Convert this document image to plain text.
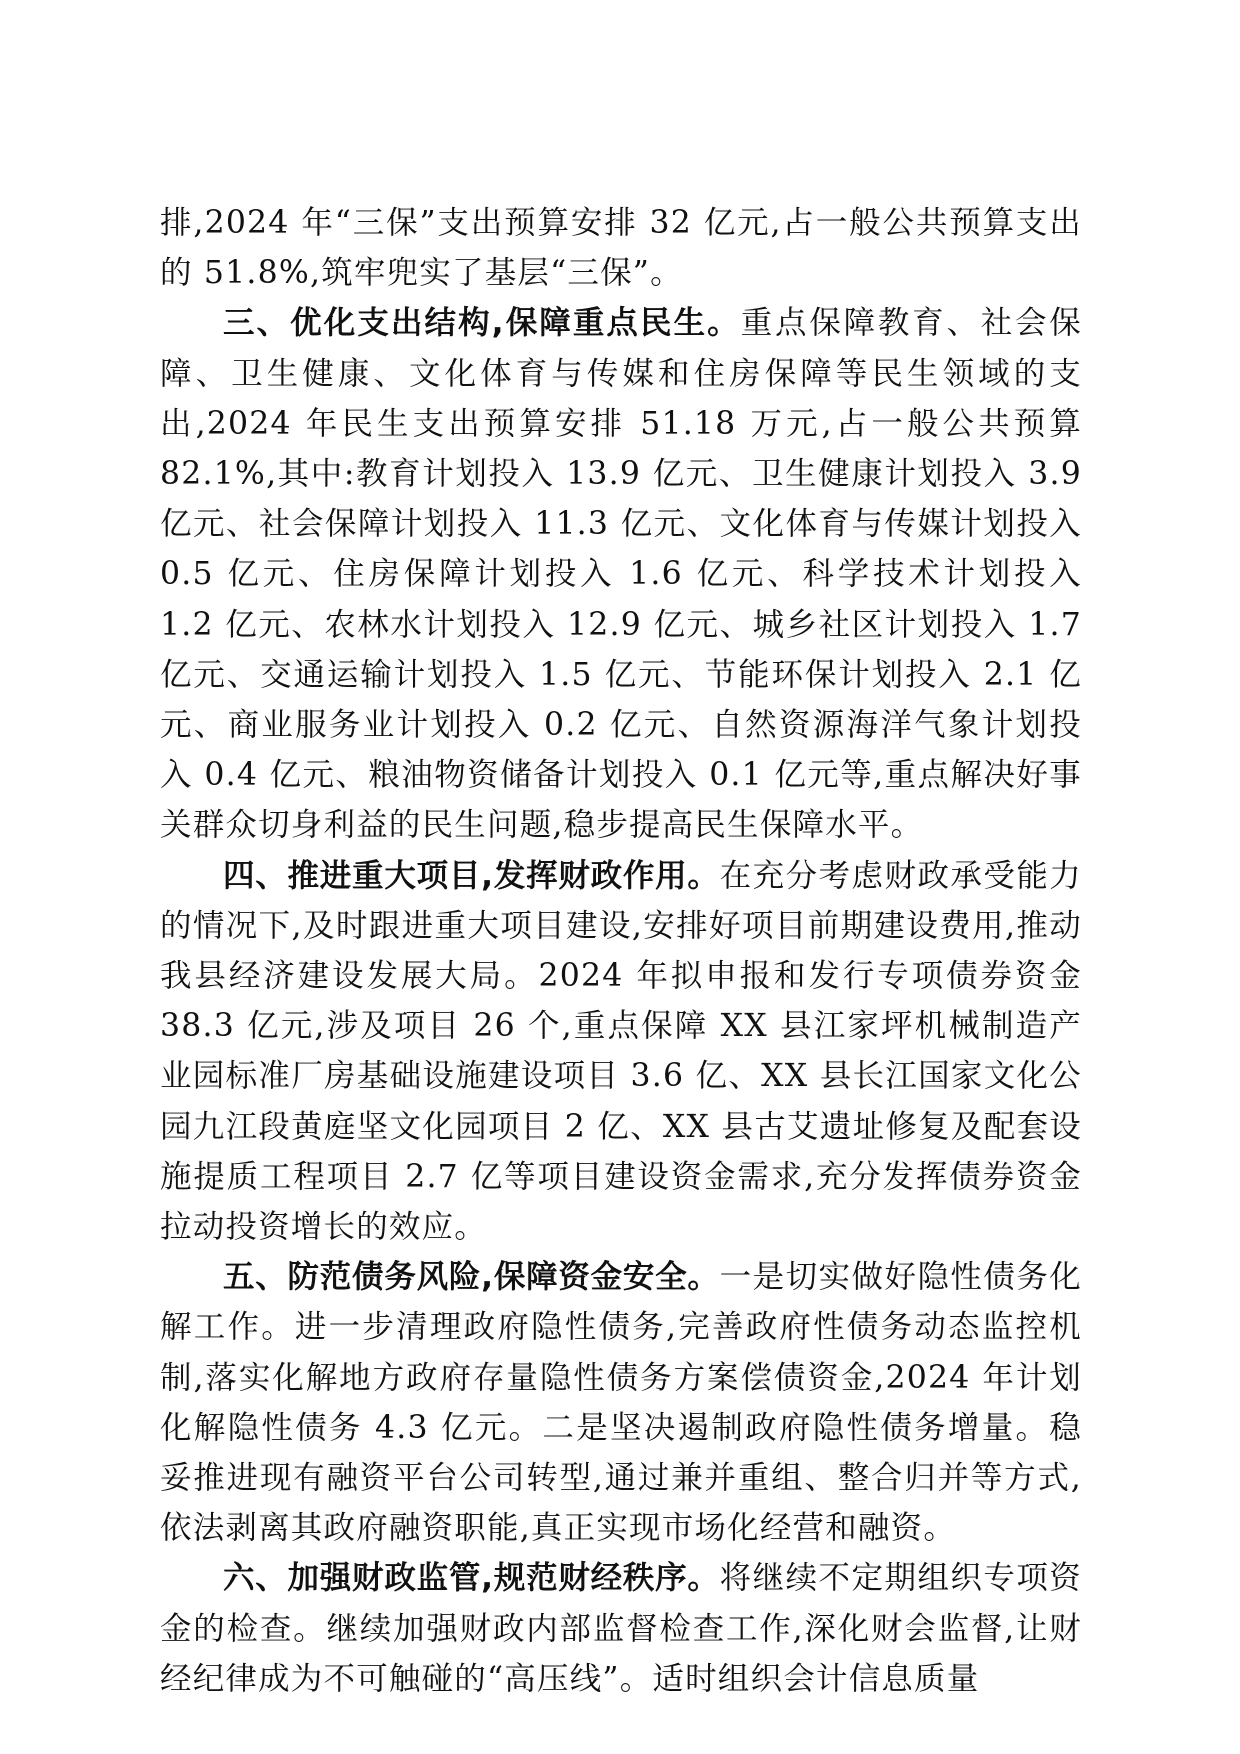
排,2024 年“三保”支出预算安排 32 亿元,占一般公共预算支出的 51.8%,筑牢兜实了基层“三保”。

三、优化支出结构,保障重点民生。重点保障教育、社会保障、卫生健康、文化体育与传媒和住房保障等民生领域的支出,2024 年民生支出预算安排 51.18 万元,占一般公共预算 82.1%,其中:教育计划投入 13.9 亿元、卫生健康计划投入 3.9 亿元、社会保障计划投入 11.3 亿元、文化体育与传媒计划投入 0.5 亿元、住房保障计划投入 1.6 亿元、科学技术计划投入 1.2 亿元、农林水计划投入 12.9 亿元、城乡社区计划投入 1.7 亿元、交通运输计划投入 1.5 亿元、节能环保计划投入 2.1 亿元、商业服务业计划投入 0.2 亿元、自然资源海洋气象计划投入 0.4 亿元、粮油物资储备计划投入 0.1 亿元等,重点解决好事关群众切身利益的民生问题,稳步提高民生保障水平。

四、推进重大项目,发挥财政作用。在充分考虑财政承受能力的情况下,及时跟进重大项目建设,安排好项目前期建设费用,推动我县经济建设发展大局。2024 年拟申报和发行专项债券资金 38.3 亿元,涉及项目 26 个,重点保障 XX 县江家坪机械制造产业园标准厂房基础设施建设项目 3.6 亿、XX 县长江国家文化公园九江段黄庭坚文化园项目 2 亿、XX 县古艾遗址修复及配套设施提质工程项目 2.7 亿等项目建设资金需求,充分发挥债券资金拉动投资增长的效应。

五、防范债务风险,保障资金安全。一是切实做好隐性债务化解工作。进一步清理政府隐性债务,完善政府性债务动态监控机制,落实化解地方政府存量隐性债务方案偿债资金,2024 年计划化解隐性债务 4.3 亿元。二是坚决遏制政府隐性债务增量。稳妥推进现有融资平台公司转型,通过兼并重组、整合归并等方式,依法剥离其政府融资职能,真正实现市场化经营和融资。

六、加强财政监管,规范财经秩序。将继续不定期组织专项资金的检查。继续加强财政内部监督检查工作,深化财会监督,让财经纪律成为不可触碰的“高压线”。适时组织会计信息质量
